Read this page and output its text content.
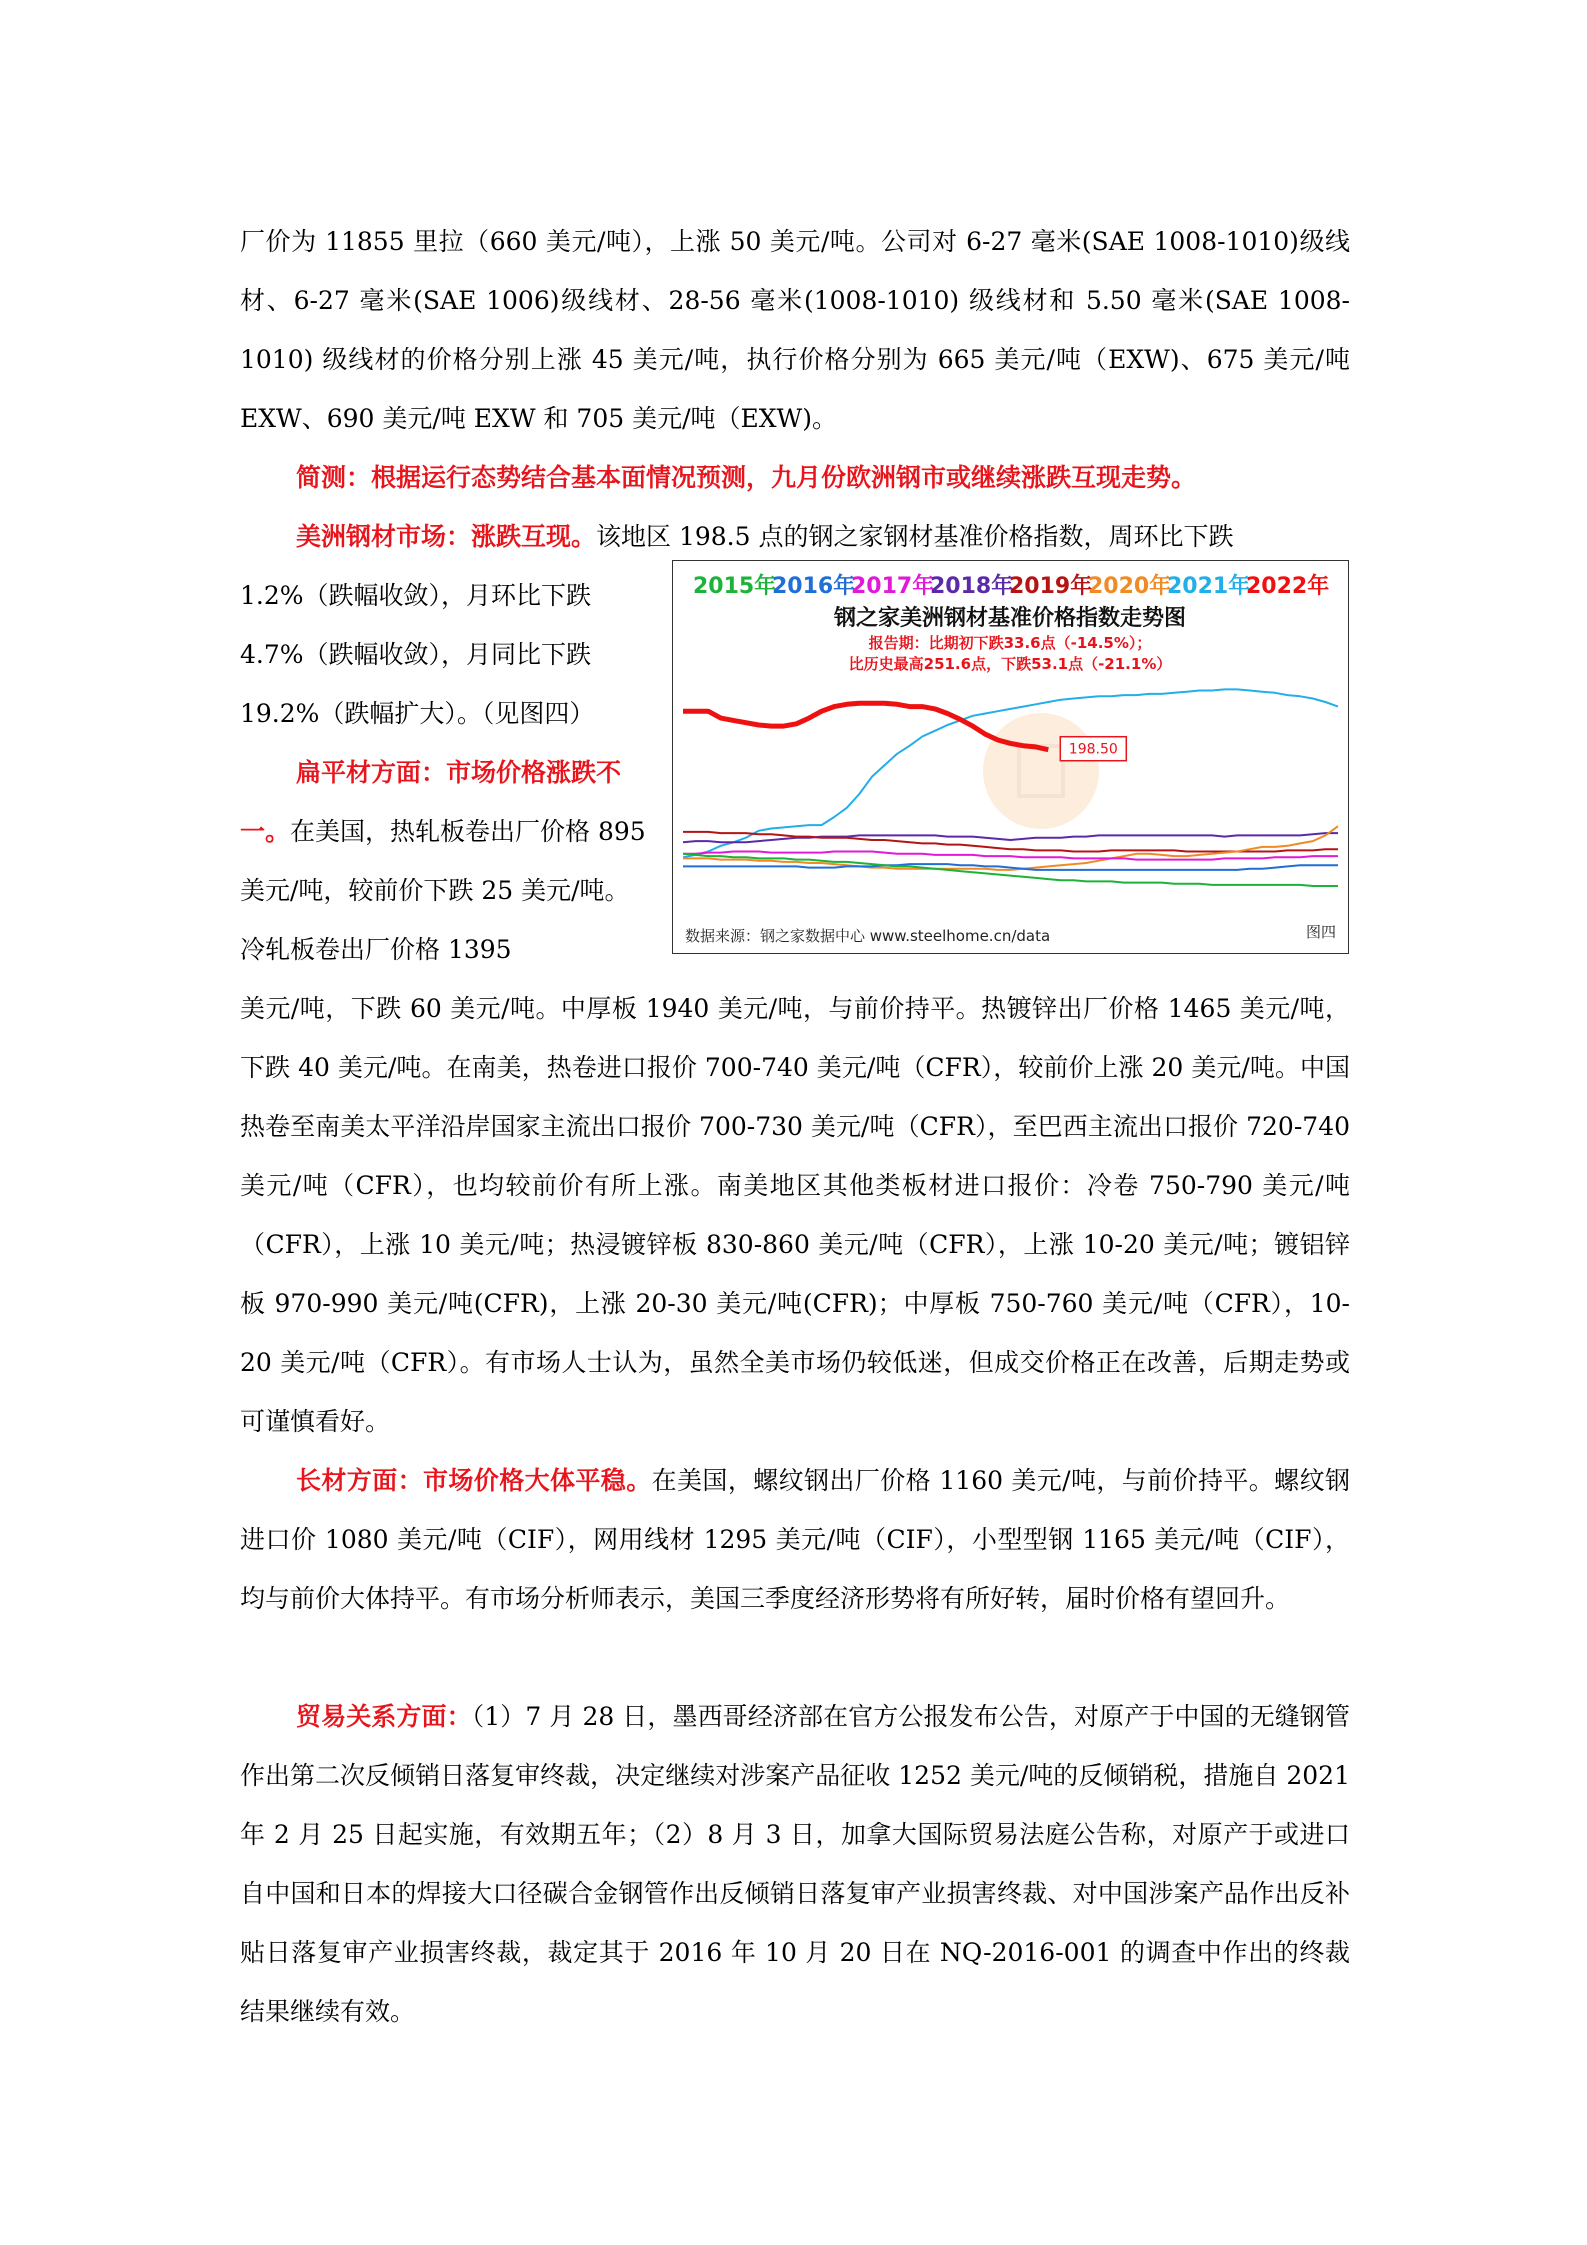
厂价为 11855 里拉（660 美元/吨），上涨 50 美元/吨。公司对 6-27 毫米(SAE 1008-1010)级线材、6-27 毫米(SAE 1006)级线材、28-56 毫米(1008-1010) 级线材和 5.50 毫米(SAE 1008-1010) 级线材的价格分别上涨 45 美元/吨，执行价格分别为 665 美元/吨（EXW)、675 美元/吨 EXW、690 美元/吨 EXW 和 705 美元/吨（EXW)。

简测：根据运行态势结合基本面情况预测，九月份欧洲钢市或继续涨跌互现走势。

美洲钢材市场：涨跌互现。该地区 198.5 点的钢之家钢材基准价格指数，周环比下跌

1.2%（跌幅收敛），月环比下跌 4.7%（跌幅收敛），月同比下跌 19.2%（跌幅扩大）。（见图四）

扁平材方面：市场价格涨跌不一。在美国，热轧板卷出厂价格 895 美元/吨，较前价下跌 25 美元/吨。冷轧板卷出厂价格 1395

美元/吨，下跌 60 美元/吨。中厚板 1940 美元/吨，与前价持平。热镀锌出厂价格 1465 美元/吨，下跌 40 美元/吨。在南美，热卷进口报价 700-740 美元/吨（CFR），较前价上涨 20 美元/吨。中国热卷至南美太平洋沿岸国家主流出口报价 700-730 美元/吨（CFR），至巴西主流出口报价 720-740 美元/吨（CFR），也均较前价有所上涨。南美地区其他类板材进口报价：冷卷 750-790 美元/吨（CFR），上涨 10 美元/吨；热浸镀锌板 830-860 美元/吨（CFR），上涨 10-20 美元/吨；镀铝锌板 970-990 美元/吨(CFR)，上涨 20-30 美元/吨(CFR)；中厚板 750-760 美元/吨（CFR），10-20 美元/吨（CFR）。有市场人士认为，虽然全美市场仍较低迷，但成交价格正在改善，后期走势或可谨慎看好。

长材方面：市场价格大体平稳。在美国，螺纹钢出厂价格 1160 美元/吨，与前价持平。螺纹钢进口价 1080 美元/吨（CIF），网用线材 1295 美元/吨（CIF），小型型钢 1165 美元/吨（CIF），均与前价大体持平。有市场分析师表示，美国三季度经济形势将有所好转，届时价格有望回升。

贸易关系方面：（1）7 月 28 日，墨西哥经济部在官方公报发布公告，对原产于中国的无缝钢管作出第二次反倾销日落复审终裁，决定继续对涉案产品征收 1252 美元/吨的反倾销税，措施自 2021 年 2 月 25 日起实施，有效期五年；（2）8 月 3 日，加拿大国际贸易法庭公告称，对原产于或进口自中国和日本的焊接大口径碳合金钢管作出反倾销日落复审产业损害终裁、对中国涉案产品作出反补贴日落复审产业损害终裁，裁定其于 2016 年 10 月 20 日在 NQ-2016-001 的调查中作出的终裁结果继续有效。

2015年
2016年
2017年
2018年
2019年
2020年
2021年
2022年
钢之家美洲钢材基准价格指数走势图
报告期：比期初下跌33.6点（-14.5%）；
比历史最高251.6点，下跌53.1点（-21.1%）
198.50
数据来源：钢之家数据中心 www.steelhome.cn/data	图四
